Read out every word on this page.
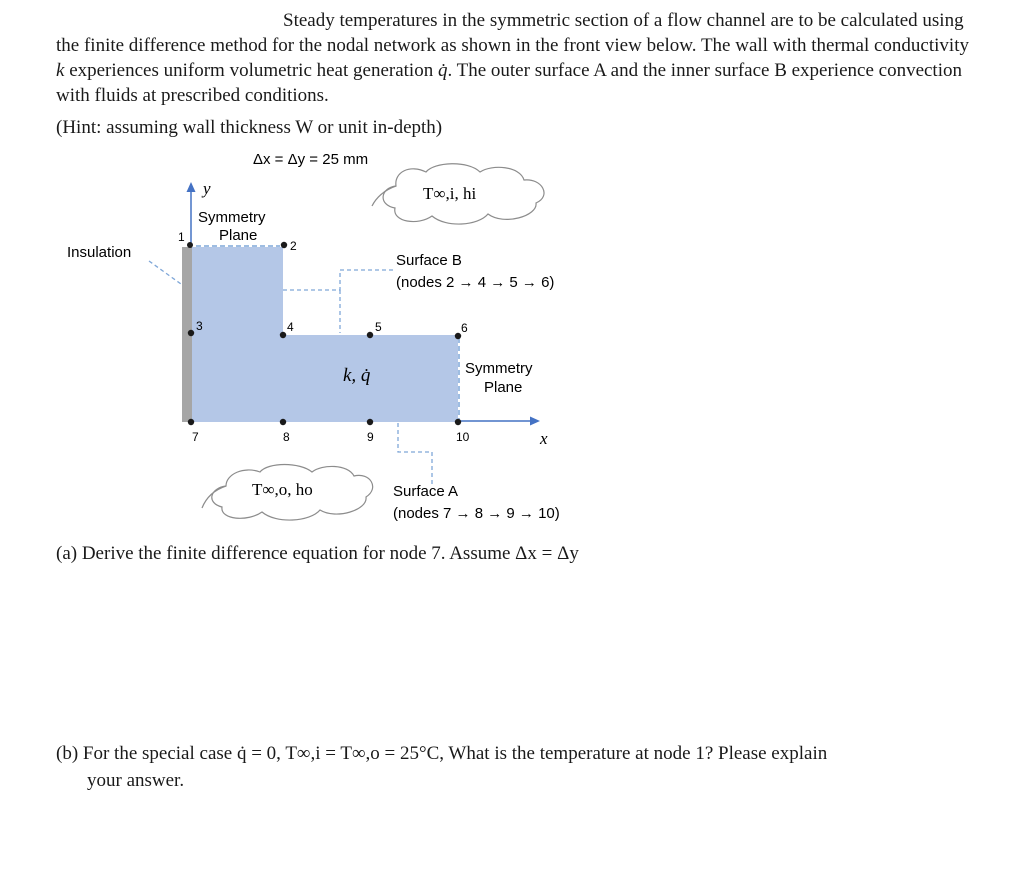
Steady temperatures in the symmetric section of a flow channel are to be calculated using the finite difference method for the nodal network as shown in the front view below. The wall with thermal conductivity k experiences uniform volumetric heat generation q̇. The outer surface A and the inner surface B experience convection with fluids at prescribed conditions.

(Hint: assuming wall thickness W or unit in-depth)
Δx = Δy = 25 mm
y
x
Symmetry
Plane
Insulation	Surface B
(nodes 2 → 4 → 5 → 6)
Symmetry
Plane
k, q̇
Surface A
(nodes 7 → 8 → 9 → 10)
T∞,i, hi
T∞,o, ho
1
2
3	4	5	6
7	8	9	10
(a) Derive the finite difference equation for node 7. Assume Δx = Δy
(b) For the special case q̇ = 0, T∞,i = T∞,o = 25°C, What is the temperature at node 1? Please explain
your answer.
